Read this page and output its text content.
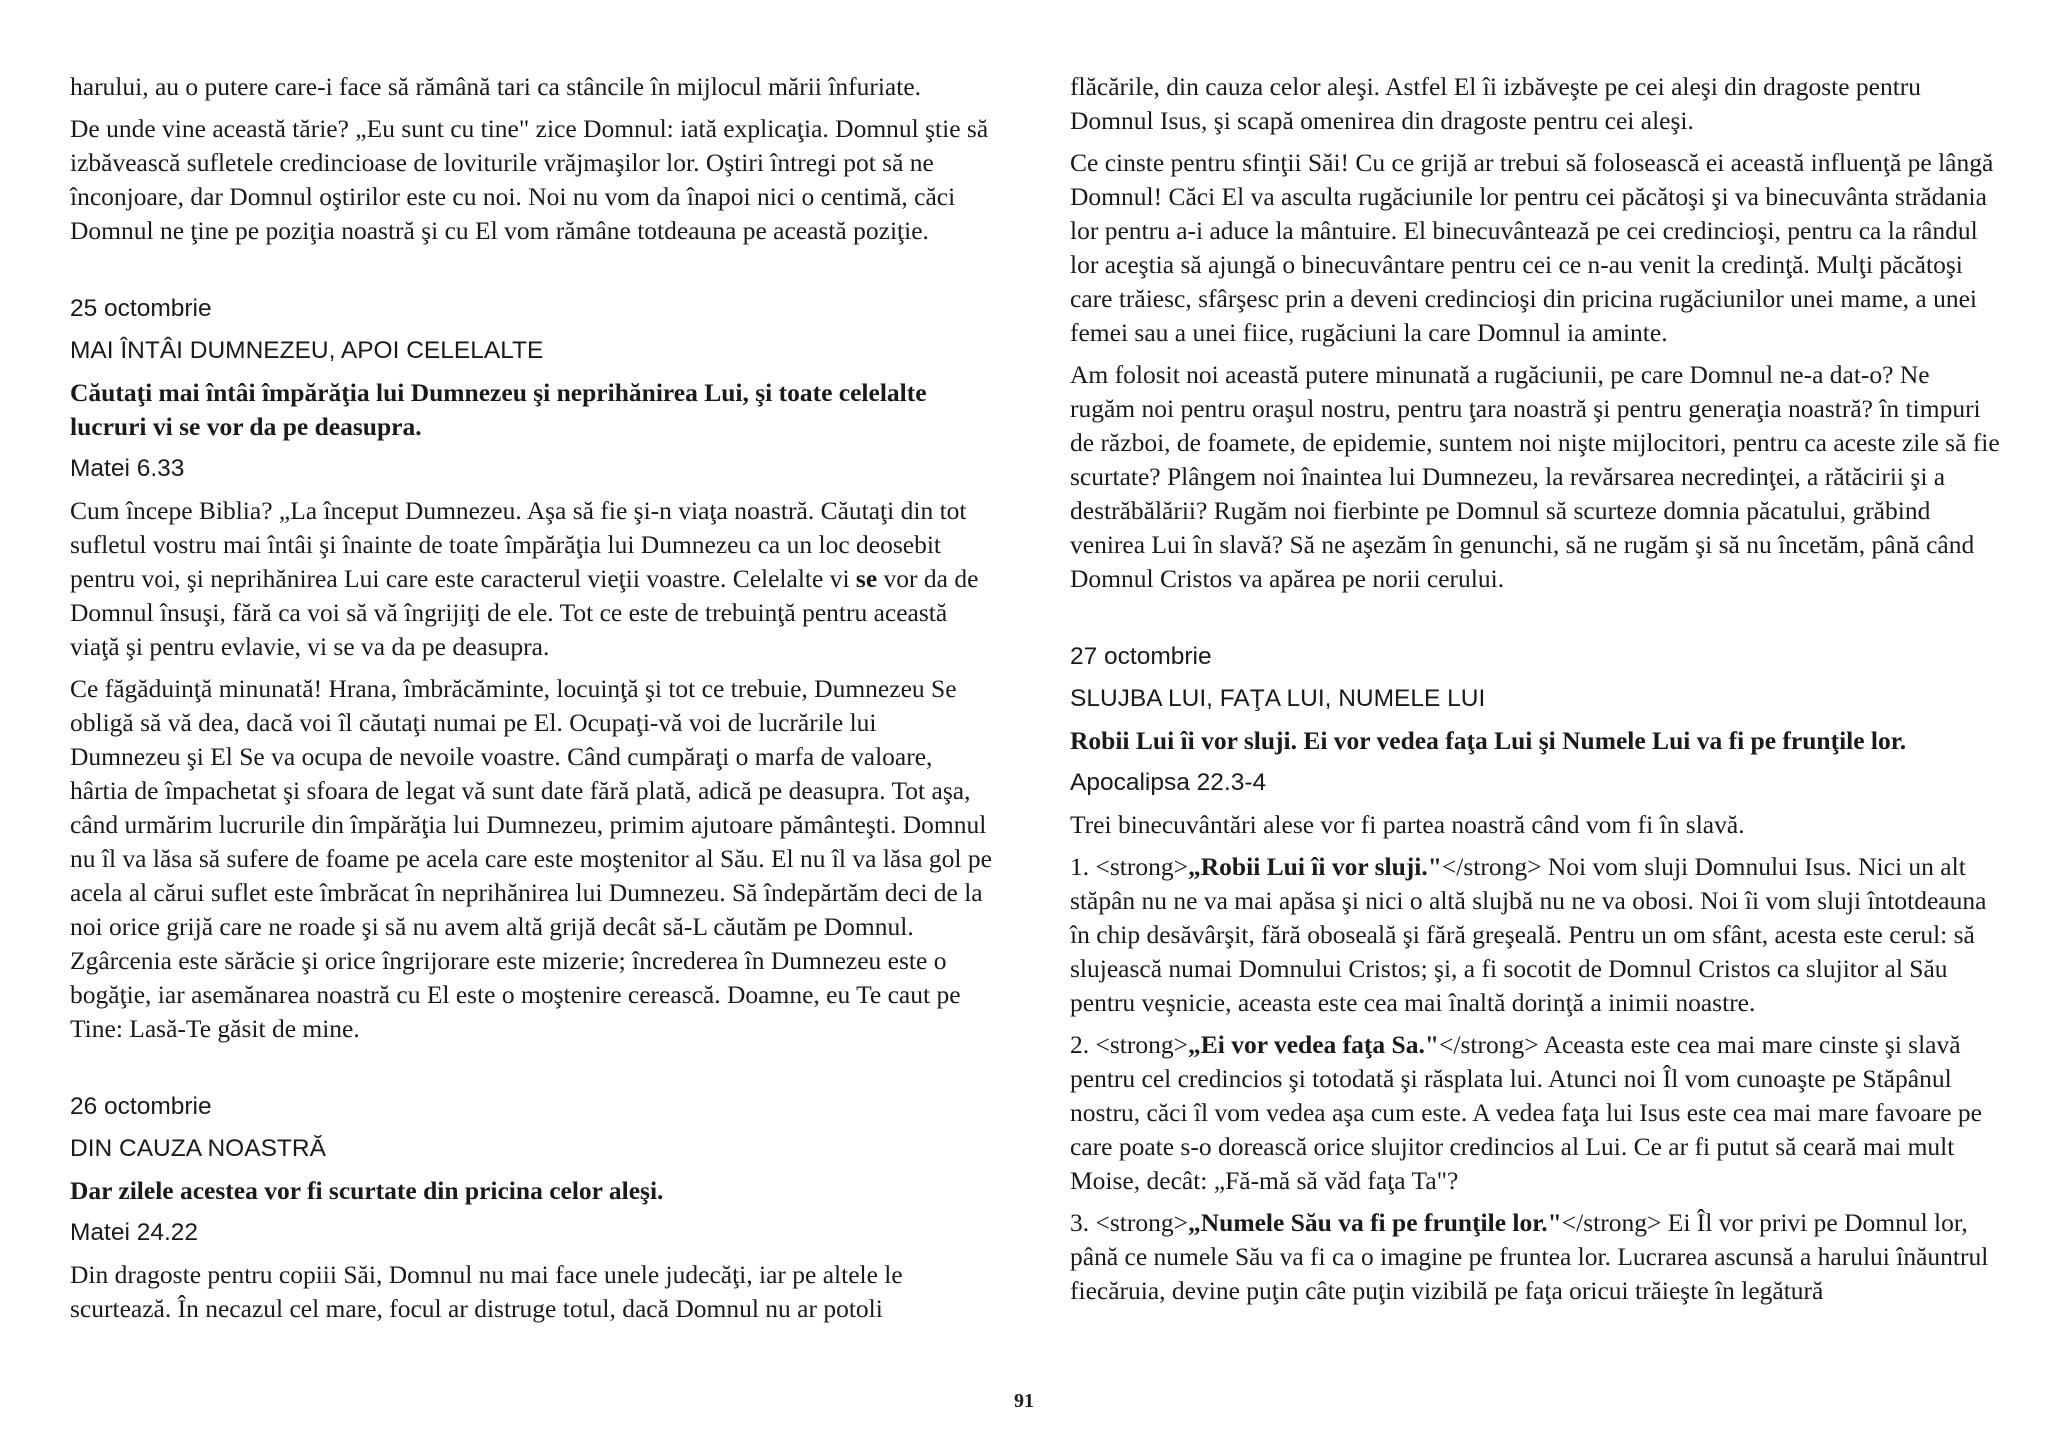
harului, au o putere care-i face să rămână tari ca stâncile în mijlocul mării înfuriate.

De unde vine această tărie? „Eu sunt cu tine" zice Domnul: iată explicaţia. Domnul ştie să izbăvească sufletele credincioase de loviturile vrăjmaşilor lor. Oştiri întregi pot să ne înconjoare, dar Domnul oştirilor este cu noi. Noi nu vom da înapoi nici o centimă, căci Domnul ne ţine pe poziţia noastră şi cu El vom rămâne totdeauna pe această poziţie.

25 octombrie

MAI ÎNTÂI DUMNEZEU, APOI CELELALTE

Căutaţi mai întâi împărăţia lui Dumnezeu şi neprihănirea Lui, şi toate celelalte lucruri vi se vor da pe deasupra.

Matei 6.33

Cum începe Biblia? „La început Dumnezeu. Aşa să fie şi-n viaţa noastră. Căutaţi din tot sufletul vostru mai întâi şi înainte de toate împărăţia lui Dumnezeu ca un loc deosebit pentru voi, şi neprihănirea Lui care este caracterul vieţii voastre. Celelalte vi se vor da de Domnul însuşi, fără ca voi să vă îngrijiţi de ele. Tot ce este de trebuinţă pentru această viaţă şi pentru evlavie, vi se va da pe deasupra.

Ce făgăduinţă minunată! Hrana, îmbrăcăminte, locuinţă şi tot ce trebuie, Dumnezeu Se obligă să vă dea, dacă voi îl căutaţi numai pe El. Ocupaţi-vă voi de lucrările lui Dumnezeu şi El Se va ocupa de nevoile voastre. Când cumpăraţi o marfa de valoare, hârtia de împachetat şi sfoara de legat vă sunt date fără plată, adică pe deasupra. Tot aşa, când urmărim lucrurile din împărăţia lui Dumnezeu, primim ajutoare pământeşti. Domnul nu îl va lăsa să sufere de foame pe acela care este moştenitor al Său. El nu îl va lăsa gol pe acela al cărui suflet este îmbrăcat în neprihănirea lui Dumnezeu. Să îndepărtăm deci de la noi orice grijă care ne roade şi să nu avem altă grijă decât să-L căutăm pe Domnul. Zgârcenia este sărăcie şi orice îngrijorare este mizerie; încrederea în Dumnezeu este o bogăţie, iar asemănarea noastră cu El este o moştenire cerească. Doamne, eu Te caut pe Tine: Lasă-Te găsit de mine.

26 octombrie

DIN CAUZA NOASTRĂ

Dar zilele acestea vor fi scurtate din pricina celor aleşi.

Matei 24.22

Din dragoste pentru copiii Săi, Domnul nu mai face unele judecăţi, iar pe altele le scurtează. În necazul cel mare, focul ar distruge totul, dacă Domnul nu ar potoli

flăcările, din cauza celor aleşi. Astfel El îi izbăveşte pe cei aleşi din dragoste pentru Domnul Isus, şi scapă omenirea din dragoste pentru cei aleşi.

Ce cinste pentru sfinţii Săi! Cu ce grijă ar trebui să folosească ei această influenţă pe lângă Domnul! Căci El va asculta rugăciunile lor pentru cei păcătoşi şi va binecuvânta strădania lor pentru a-i aduce la mântuire. El binecuvântează pe cei credincioşi, pentru ca la rândul lor aceştia să ajungă o binecuvântare pentru cei ce n-au venit la credinţă. Mulţi păcătoşi care trăiesc, sfârşesc prin a deveni credincioşi din pricina rugăciunilor unei mame, a unei femei sau a unei fiice, rugăciuni la care Domnul ia aminte.

Am folosit noi această putere minunată a rugăciunii, pe care Domnul ne-a dat-o? Ne rugăm noi pentru oraşul nostru, pentru ţara noastră şi pentru generaţia noastră? în timpuri de război, de foamete, de epidemie, suntem noi nişte mijlocitori, pentru ca aceste zile să fie scurtate? Plângem noi înaintea lui Dumnezeu, la revărsarea necredinţei, a rătăcirii şi a destrăbălării? Rugăm noi fierbinte pe Domnul să scurteze domnia păcatului, grăbind venirea Lui în slavă? Să ne aşezăm în genunchi, să ne rugăm şi să nu încetăm, până când Domnul Cristos va apărea pe norii cerului.

27 octombrie

SLUJBA LUI, FAŢA LUI, NUMELE LUI

Robii Lui îi vor sluji. Ei vor vedea faţa Lui şi Numele Lui va fi pe frunţile lor.

Apocalipsa 22.3-4

Trei binecuvântări alese vor fi partea noastră când vom fi în slavă.

1. <strong>„Robii Lui îi vor sluji."</strong> Noi vom sluji Domnului Isus. Nici un alt stăpân nu ne va mai apăsa şi nici o altă slujbă nu ne va obosi. Noi îi vom sluji întotdeauna în chip desăvârşit, fără oboseală şi fără greşeală. Pentru un om sfânt, acesta este cerul: să slujească numai Domnului Cristos; şi, a fi socotit de Domnul Cristos ca slujitor al Său pentru veşnicie, aceasta este cea mai înaltă dorinţă a inimii noastre.

2. <strong>„Ei vor vedea faţa Sa."</strong> Aceasta este cea mai mare cinste şi slavă pentru cel credincios şi totodată şi răsplata lui. Atunci noi Îl vom cunoaşte pe Stăpânul nostru, căci îl vom vedea aşa cum este. A vedea faţa lui Isus este cea mai mare favoare pe care poate s-o dorească orice slujitor credincios al Lui. Ce ar fi putut să ceară mai mult Moise, decât: „Fă-mă să văd faţa Ta"?

3. <strong>„Numele Său va fi pe frunţile lor."</strong> Ei Îl vor privi pe Domnul lor, până ce numele Său va fi ca o imagine pe fruntea lor. Lucrarea ascunsă a harului înăuntrul fiecăruia, devine puţin câte puţin vizibilă pe faţa oricui trăieşte în legătură

91
